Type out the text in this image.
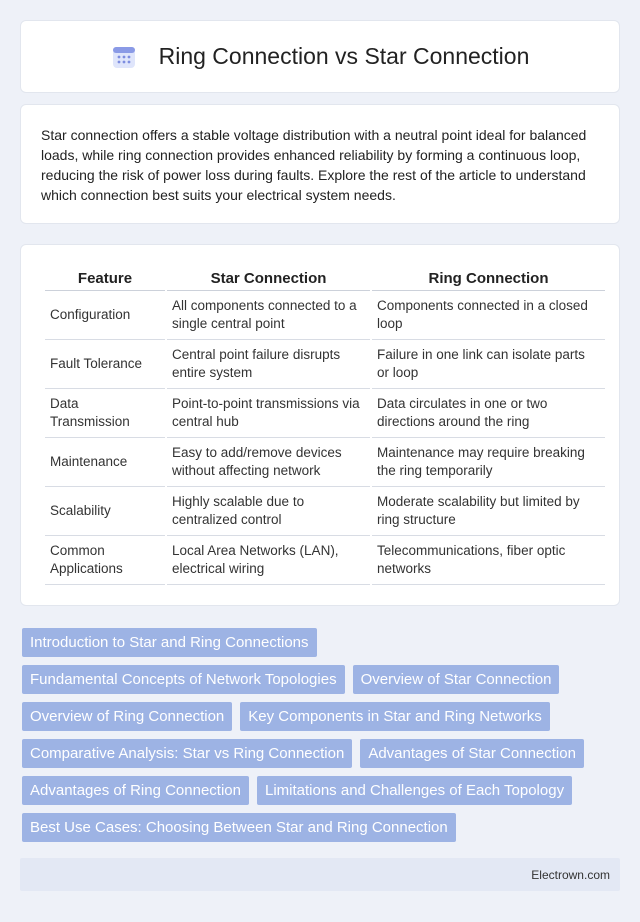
Ring Connection vs Star Connection

Star connection offers a stable voltage distribution with a neutral point ideal for balanced loads, while ring connection provides enhanced reliability by forming a continuous loop, reducing the risk of power loss during faults. Explore the rest of the article to understand which connection best suits your electrical system needs.

Feature	Star Connection	Ring Connection
Configuration	All components connected to a single central point	Components connected in a closed loop
Fault Tolerance	Central point failure disrupts entire system	Failure in one link can isolate parts or loop
Data Transmission	Point-to-point transmissions via central hub	Data circulates in one or two directions around the ring
Maintenance	Easy to add/remove devices without affecting network	Maintenance may require breaking the ring temporarily
Scalability	Highly scalable due to centralized control	Moderate scalability but limited by ring structure
Common Applications	Local Area Networks (LAN), electrical wiring	Telecommunications, fiber optic networks
Introduction to Star and Ring Connections
Fundamental Concepts of Network Topologies	Overview of Star Connection
Overview of Ring Connection	Key Components in Star and Ring Networks
Comparative Analysis: Star vs Ring Connection	Advantages of Star Connection
Advantages of Ring Connection	Limitations and Challenges of Each Topology
Best Use Cases: Choosing Between Star and Ring Connection
Electrown.com
